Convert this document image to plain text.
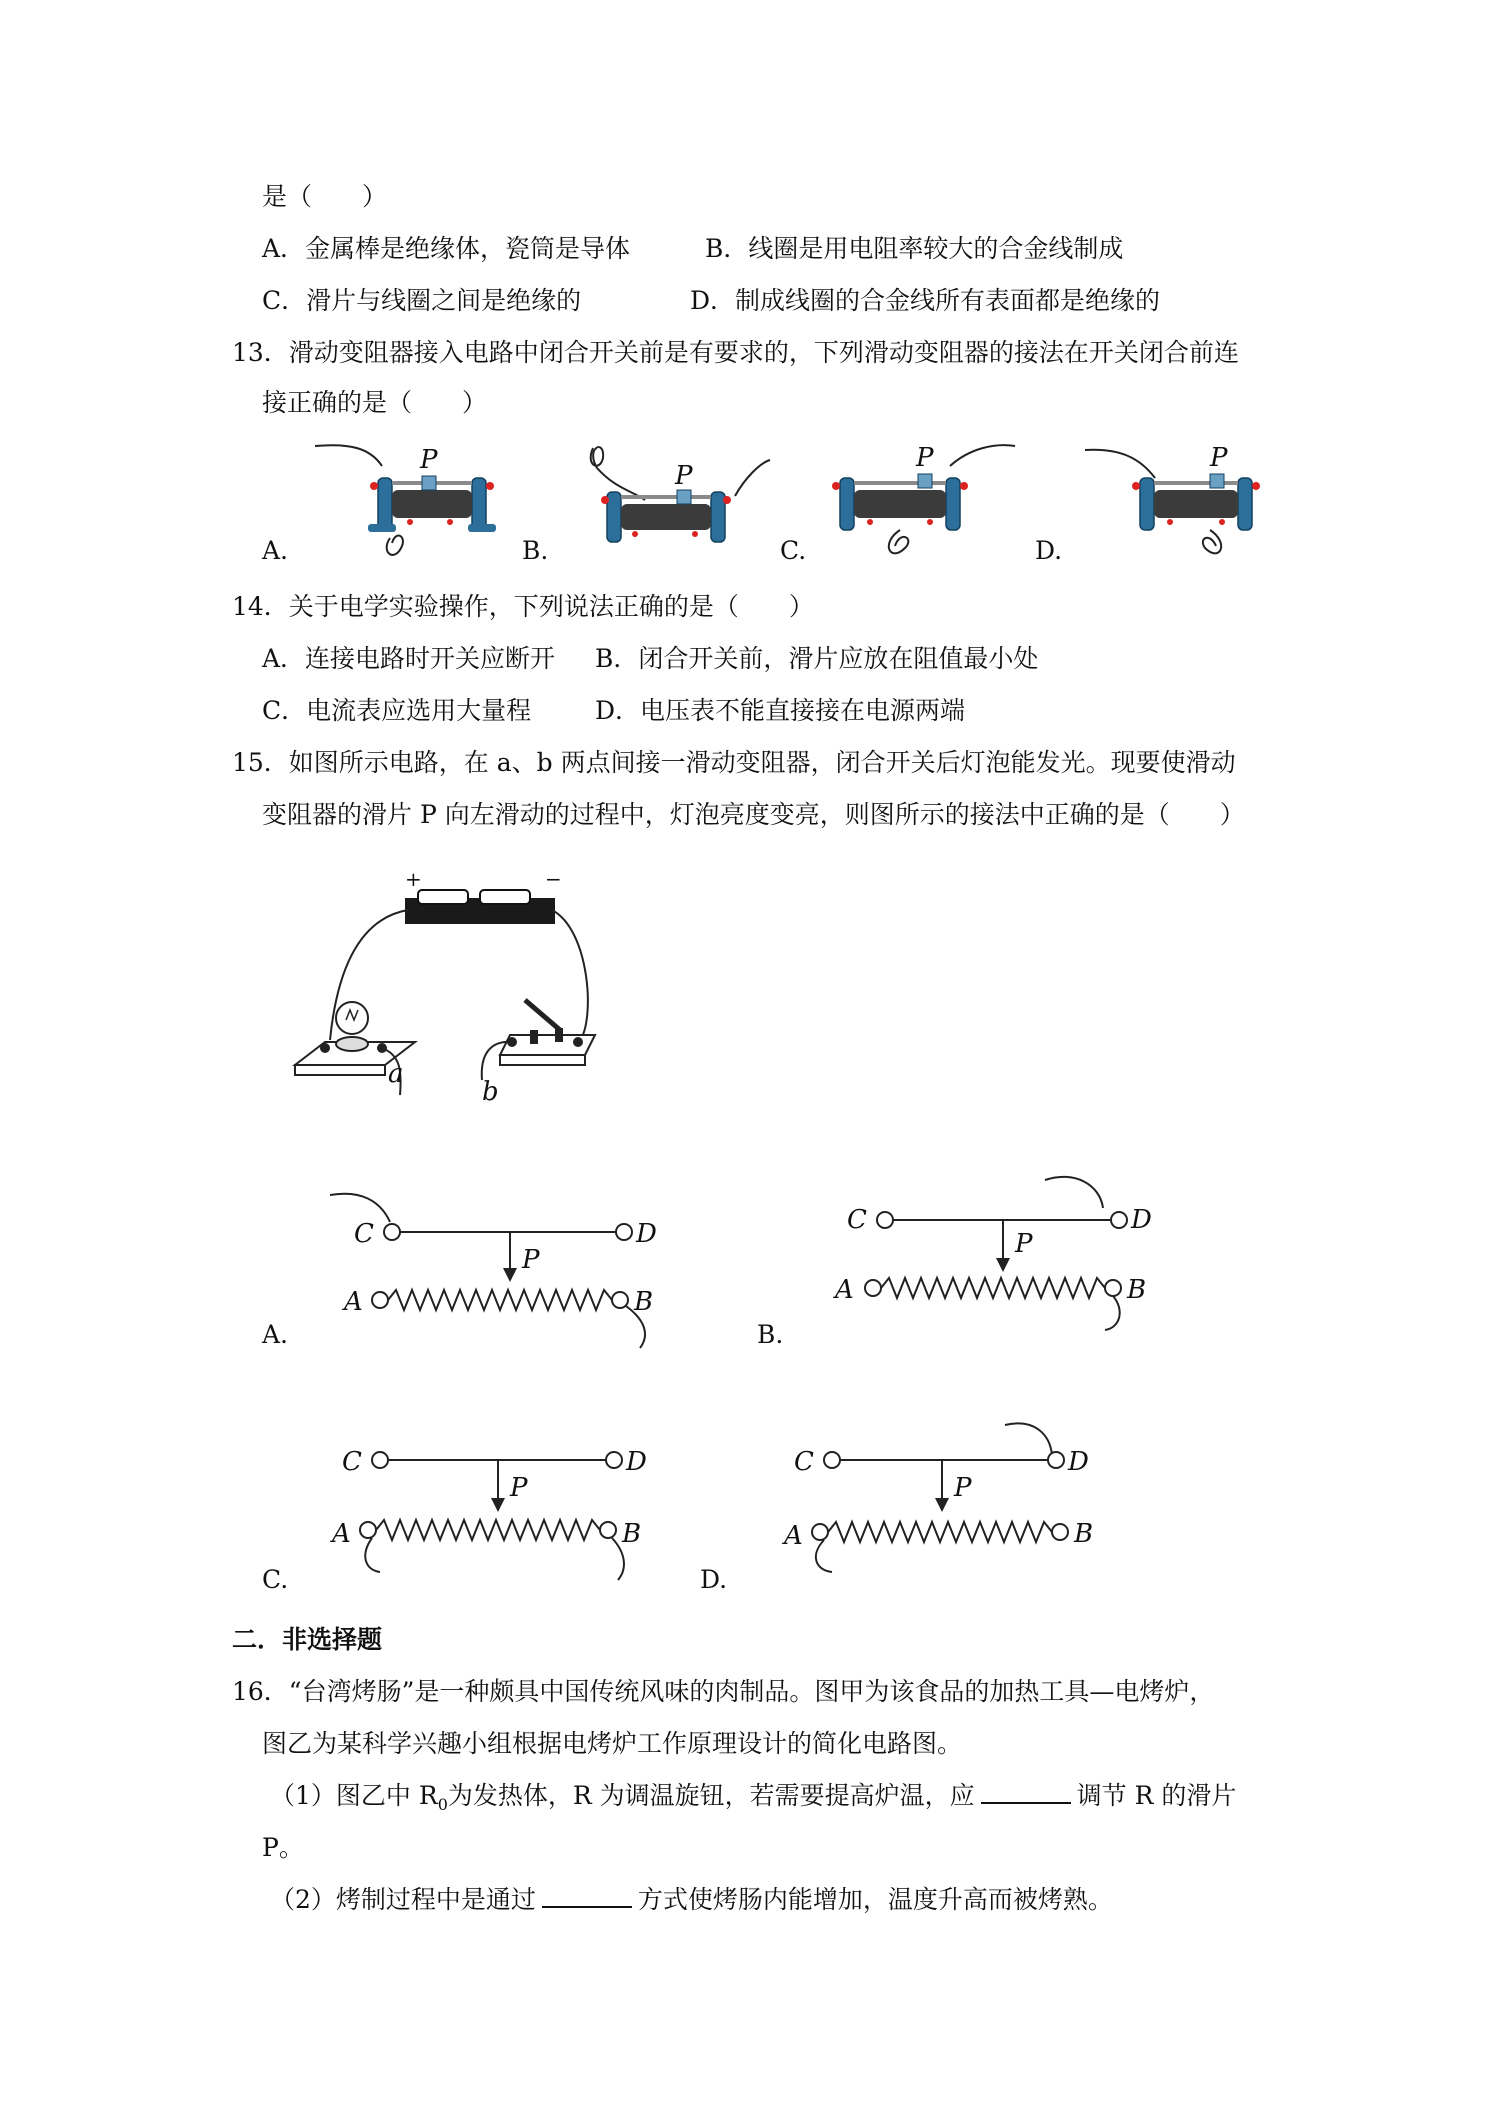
是（　　）
A．金属棒是绝缘体，瓷筒是导体	B．线圈是用电阻率较大的合金线制成
C．滑片与线圈之间是绝缘的	D．制成线圈的合金线所有表面都是绝缘的
13．滑动变阻器接入电路中闭合开关前是有要求的，下列滑动变阻器的接法在开关闭合前连
接正确的是（　　）
P
A.
P
B.
P
C.
P
D.
14．关于电学实验操作，下列说法正确的是（　　）
A．连接电路时开关应断开 B．闭合开关前，滑片应放在阻值最小处
C．电流表应选用大量程	D．电压表不能直接接在电源两端
15．如图所示电路，在 a、b 两点间接一滑动变阻器，闭合开关后灯泡能发光。现要使滑动
变阻器的滑片 P 向左滑动的过程中，灯泡亮度变亮，则图所示的接法中正确的是（　　）
+	−
a
b
C	D
P
A	B
A.
C	D
P
A	B
B.
C	D
P
A	B
C.
C	D
P
A	B
D.
二．非选择题
16．“台湾烤肠”是一种颇具中国传统风味的肉制品。图甲为该食品的加热工具—电烤炉，
图乙为某科学兴趣小组根据电烤炉工作原理设计的简化电路图。
（1）图乙中 $R_0$为发热体，R 为调温旋钮，若需要提高炉温，应	调节 R 的滑片
P。
（2）烤制过程中是通过	方式使烤肠内能增加，温度升高而被烤熟。
